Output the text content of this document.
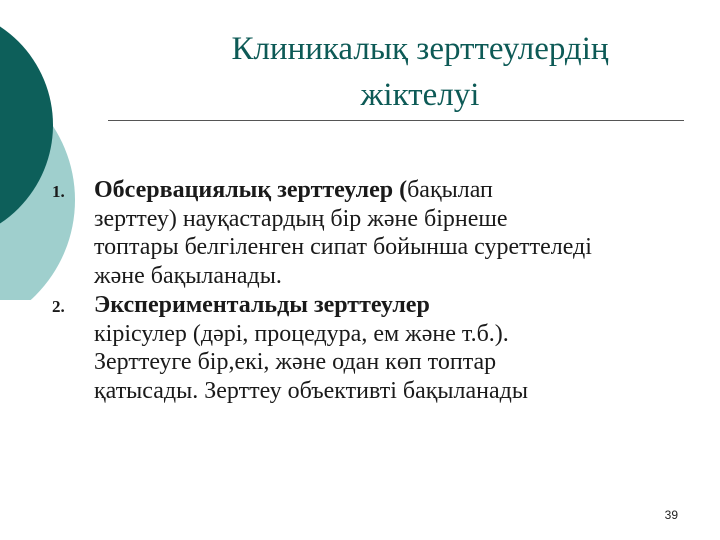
Клиникалық зерттеулердің
жіктелуі
1. Обсервациялық зерттеулер (бақылап
зерттеу) науқастардың бір және бірнеше
топтары белгіленген сипат бойынша суреттеледі
және бақыланады.
2. Экспериментальды зерттеулер
кірісулер (дәрі, процедура, ем және т.б.).
Зерттеуге бір,екі, және одан көп топтар
қатысады. Зерттеу объективті бақыланады
39
